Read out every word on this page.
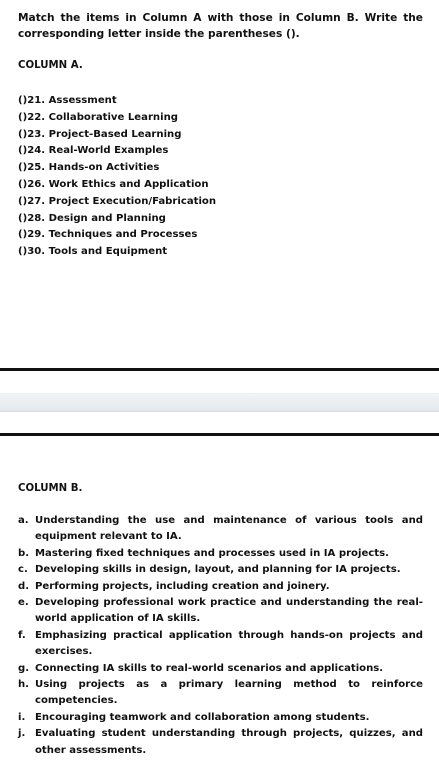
Match the items in Column A with those in Column B. Write the corresponding letter inside the parentheses ().
COLUMN A.
()21. Assessment
()22. Collaborative Learning
()23. Project-Based Learning
()24. Real-World Examples
()25. Hands-on Activities
()26. Work Ethics and Application
()27. Project Execution/Fabrication
()28. Design and Planning
()29. Techniques and Processes
()30. Tools and Equipment
COLUMN B.
a. Understanding the use and maintenance of various tools and equipment relevant to IA.
b. Mastering fixed techniques and processes used in IA projects.
c. Developing skills in design, layout, and planning for IA projects.
d. Performing projects, including creation and joinery.
e. Developing professional work practice and understanding the real-world application of IA skills.
f. Emphasizing practical application through hands-on projects and exercises.
g. Connecting IA skills to real-world scenarios and applications.
h. Using projects as a primary learning method to reinforce competencies.
i. Encouraging teamwork and collaboration among students.
j. Evaluating student understanding through projects, quizzes, and other assessments.
